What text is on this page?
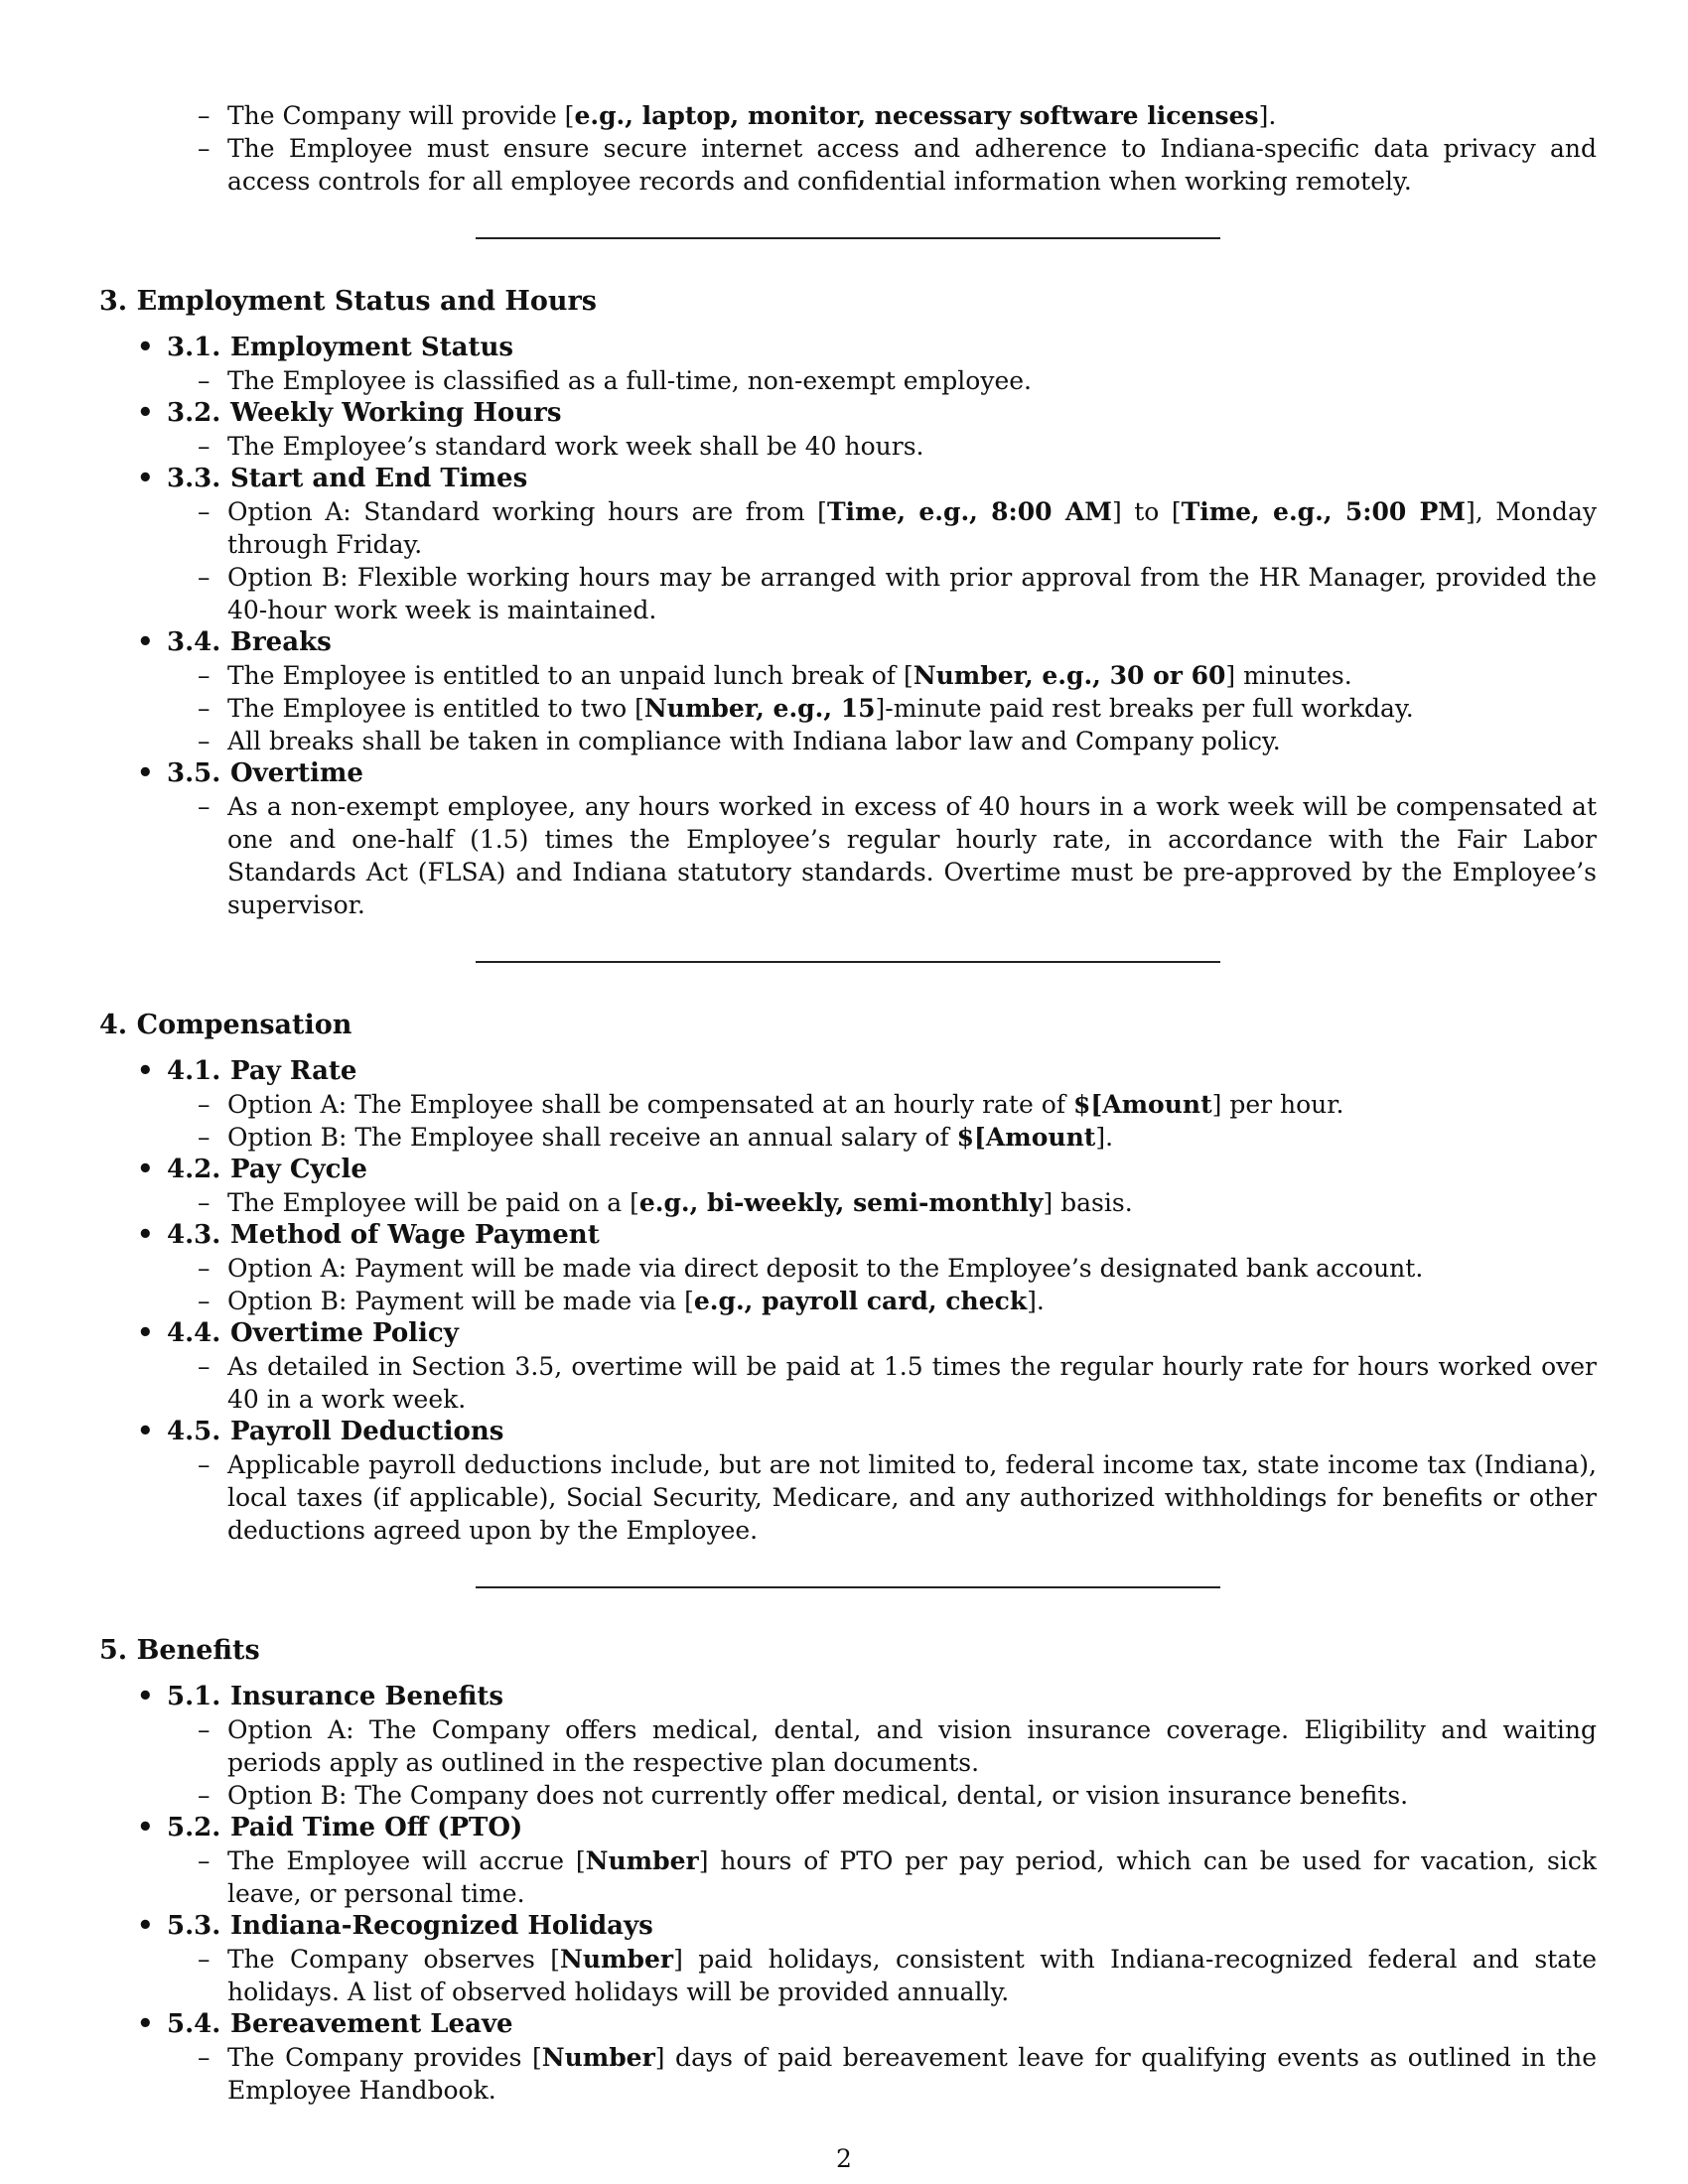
– The Company will provide [e.g., laptop, monitor, necessary software licenses].
– The Employee must ensure secure internet access and adherence to Indiana-specific data privacy and access controls for all employee records and confidential information when working remotely.
3. Employment Status and Hours
• 3.1. Employment Status
– The Employee is classified as a full-time, non-exempt employee.
• 3.2. Weekly Working Hours
– The Employee’s standard work week shall be 40 hours.
• 3.3. Start and End Times
– Option A: Standard working hours are from [Time, e.g., 8:00 AM] to [Time, e.g., 5:00 PM], Monday through Friday.
– Option B: Flexible working hours may be arranged with prior approval from the HR Manager, provided the 40-hour work week is maintained.
• 3.4. Breaks
– The Employee is entitled to an unpaid lunch break of [Number, e.g., 30 or 60] minutes.
– The Employee is entitled to two [Number, e.g., 15]-minute paid rest breaks per full workday.
– All breaks shall be taken in compliance with Indiana labor law and Company policy.
• 3.5. Overtime
– As a non-exempt employee, any hours worked in excess of 40 hours in a work week will be compensated at one and one-half (1.5) times the Employee’s regular hourly rate, in accordance with the Fair Labor Standards Act (FLSA) and Indiana statutory standards. Overtime must be pre-approved by the Employee’s supervisor.
4. Compensation
• 4.1. Pay Rate
– Option A: The Employee shall be compensated at an hourly rate of $[Amount] per hour.
– Option B: The Employee shall receive an annual salary of $[Amount].
• 4.2. Pay Cycle
– The Employee will be paid on a [e.g., bi-weekly, semi-monthly] basis.
• 4.3. Method of Wage Payment
– Option A: Payment will be made via direct deposit to the Employee’s designated bank account.
– Option B: Payment will be made via [e.g., payroll card, check].
• 4.4. Overtime Policy
– As detailed in Section 3.5, overtime will be paid at 1.5 times the regular hourly rate for hours worked over 40 in a work week.
• 4.5. Payroll Deductions
– Applicable payroll deductions include, but are not limited to, federal income tax, state income tax (Indiana), local taxes (if applicable), Social Security, Medicare, and any authorized withholdings for benefits or other deductions agreed upon by the Employee.
5. Benefits
• 5.1. Insurance Benefits
– Option A: The Company offers medical, dental, and vision insurance coverage. Eligibility and waiting periods apply as outlined in the respective plan documents.
– Option B: The Company does not currently offer medical, dental, or vision insurance benefits.
• 5.2. Paid Time Off (PTO)
– The Employee will accrue [Number] hours of PTO per pay period, which can be used for vacation, sick leave, or personal time.
• 5.3. Indiana-Recognized Holidays
– The Company observes [Number] paid holidays, consistent with Indiana-recognized federal and state holidays. A list of observed holidays will be provided annually.
• 5.4. Bereavement Leave
– The Company provides [Number] days of paid bereavement leave for qualifying events as outlined in the Employee Handbook.
2
